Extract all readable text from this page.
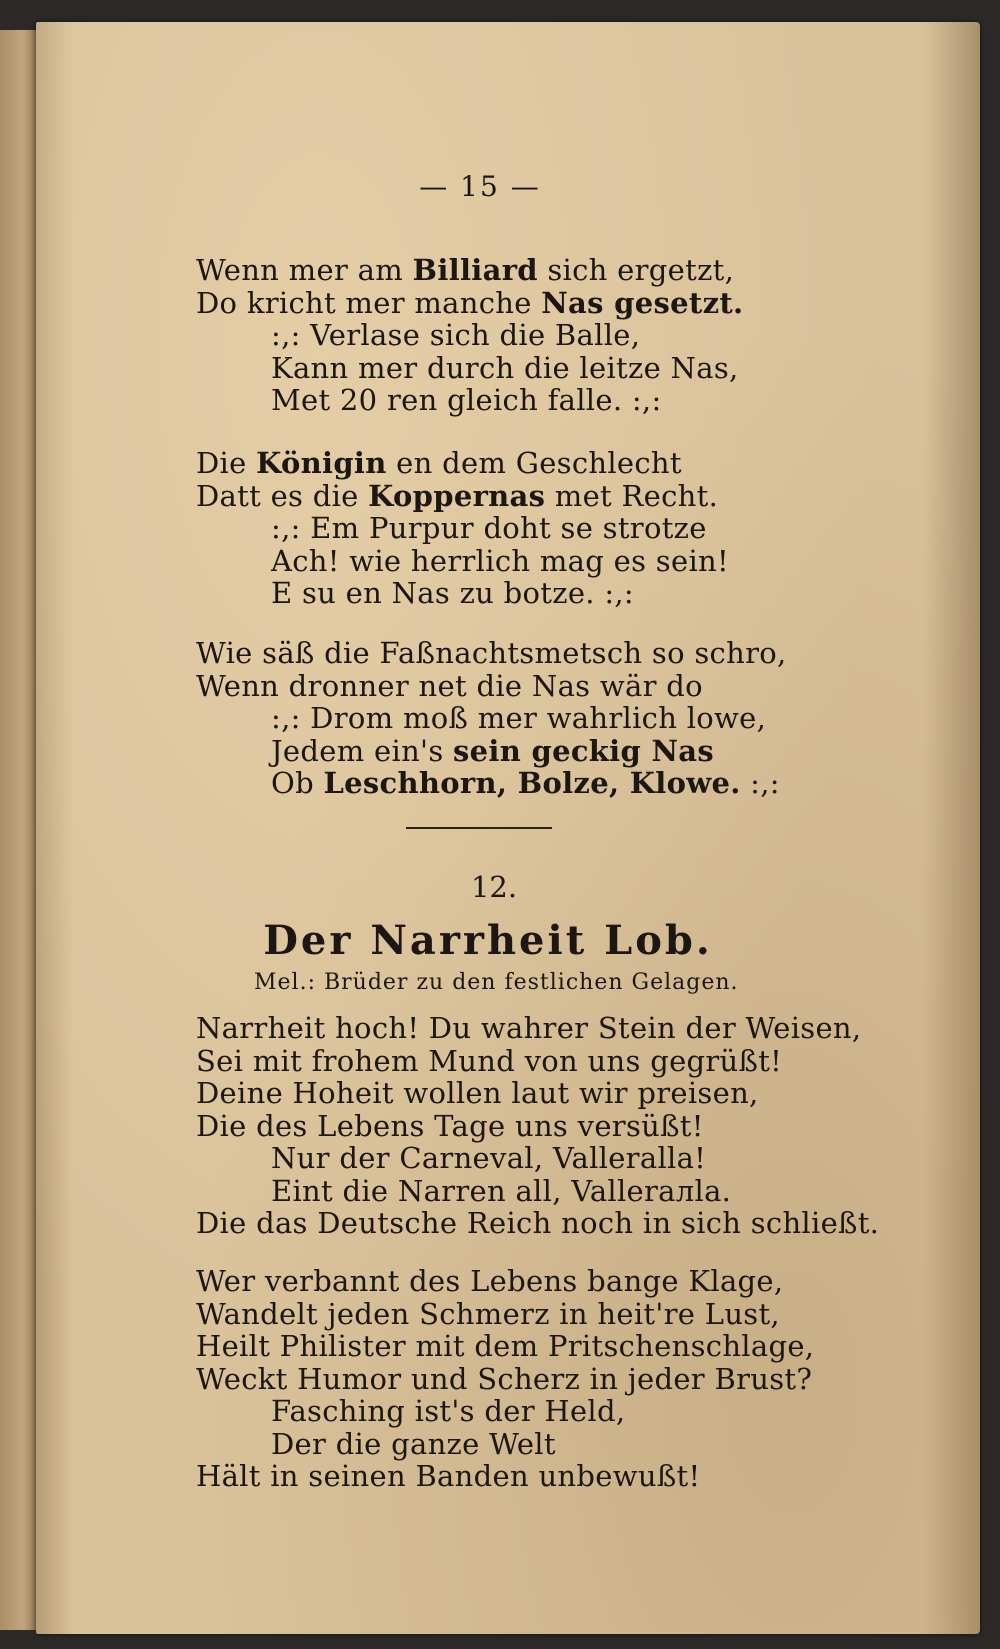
— 15 —
Wenn mer am Billiard sich ergetzt,
Do kricht mer manche Nas gesetzt.
:,: Verlase sich die Balle,
Kann mer durch die leitze Nas,
Met 20 ren gleich falle. :,:
Die Königin en dem Geschlecht
Datt es die Koppernas met Recht.
:,: Em Purpur doht se strotze
Ach! wie herrlich mag es sein!
E su en Nas zu botze. :,:
Wie säß die Faßnachtsmetsch so schro,
Wenn dronner net die Nas wär do
:,: Drom moß mer wahrlich lowe,
Jedem ein's sein geckig Nas
Ob Leschhorn, Bolze, Klowe. :,:
12.
Der Narrheit Lob.
Mel.: Brüder zu den festlichen Gelagen.
Narrheit hoch! Du wahrer Stein der Weisen,
Sei mit frohem Mund von uns gegrüßt!
Deine Hoheit wollen laut wir preisen,
Die des Lebens Tage uns versüßt!
Nur der Carneval, Vallerallа!
Eint die Narren all, Vallerалla.
Die das Deutsche Reich noch in sich schließt.
Wer verbannt des Lebens bange Klage,
Wandelt jeden Schmerz in heit're Lust,
Heilt Philister mit dem Pritschenschlage,
Weckt Humor und Scherz in jeder Brust?
Fasching ist's der Held,
Der die ganze Welt
Hält in seinen Banden unbewußt!
